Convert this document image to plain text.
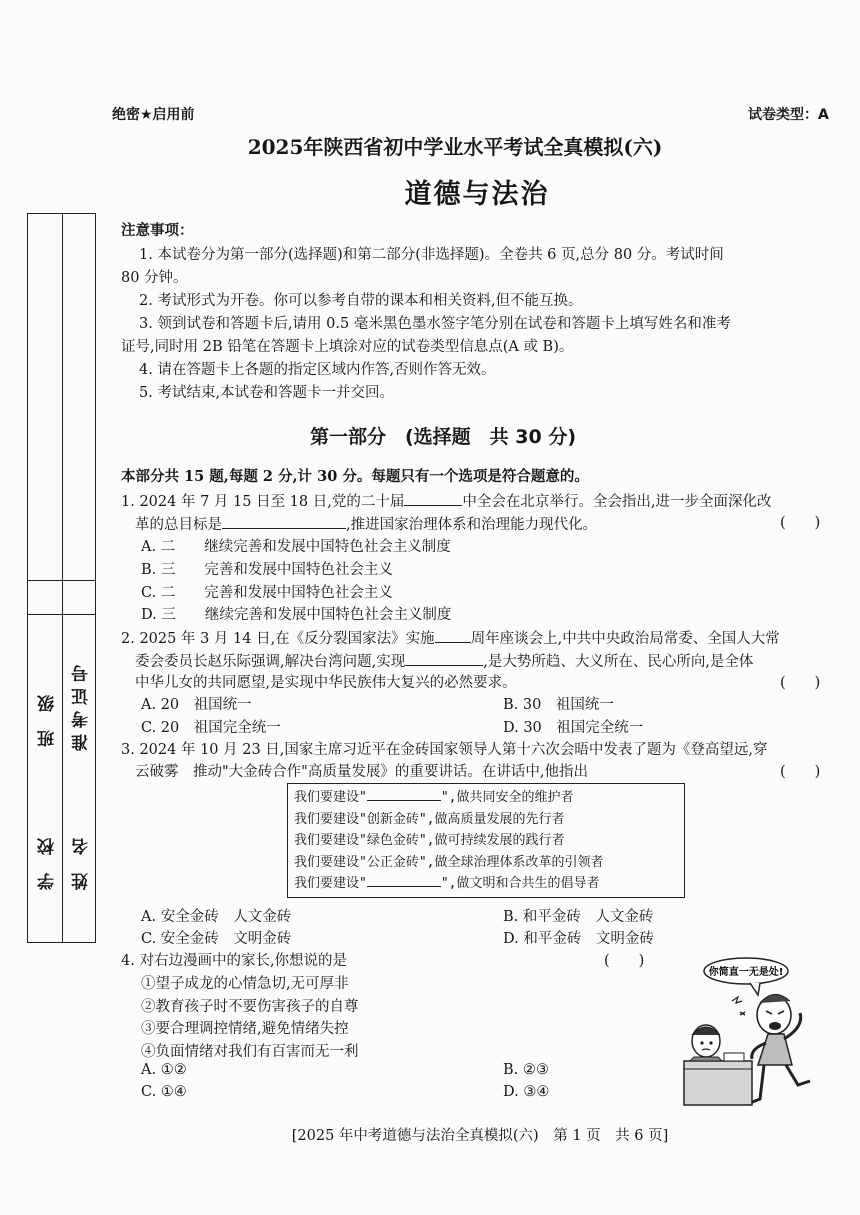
绝密★启用前	试卷类型：A
2025年陕西省初中学业水平考试全真模拟(六)
道德与法治
班 级 准考证号
学 校 姓 名
注意事项：
1. 本试卷分为第一部分(选择题)和第二部分(非选择题)。全卷共 6 页,总分 80 分。考试时间
80 分钟。
2. 考试形式为开卷。你可以参考自带的课本和相关资料,但不能互换。
3. 领到试卷和答题卡后,请用 0.5 毫米黑色墨水签字笔分别在试卷和答题卡上填写姓名和准考
证号,同时用 2B 铅笔在答题卡上填涂对应的试卷类型信息点(A 或 B)。
4. 请在答题卡上各题的指定区域内作答,否则作答无效。
5. 考试结束,本试卷和答题卡一并交回。
第一部分　(选择题　共 30 分)
本部分共 15 题,每题 2 分,计 30 分。每题只有一个选项是符合题意的。
1. 2024 年 7 月 15 日至 18 日,党的二十届	中全会在北京举行。全会指出,进一步全面深化改
革的总目标是	,推进国家治理体系和治理能力现代化。	(　　)
A. 二　　继续完善和发展中国特色社会主义制度
B. 三　　完善和发展中国特色社会主义
C. 二　　完善和发展中国特色社会主义
D. 三　　继续完善和发展中国特色社会主义制度
2. 2025 年 3 月 14 日,在《反分裂国家法》实施 周年座谈会上,中共中央政治局常委、全国人大常
委会委员长赵乐际强调,解决台湾问题,实现	,是大势所趋、大义所在、民心所向,是全体
中华儿女的共同愿望,是实现中华民族伟大复兴的必然要求。	(　　)
A. 20　祖国统一	B. 30　祖国统一
C. 20　祖国完全统一	D. 30　祖国完全统一
3. 2024 年 10 月 23 日,国家主席习近平在金砖国家领导人第十六次会晤中发表了题为《登高望远,穿
云破雾　推动"大金砖合作"高质量发展》的重要讲话。在讲话中,他指出	(　　)
我们要建设"	",做共同安全的维护者
我们要建设"创新金砖",做高质量发展的先行者
我们要建设"绿色金砖",做可持续发展的践行者
我们要建设"公正金砖",做全球治理体系改革的引领者
我们要建设"	",做文明和合共生的倡导者
A. 安全金砖　人文金砖	B. 和平金砖　人文金砖
C. 安全金砖　文明金砖	D. 和平金砖　文明金砖
4. 对右边漫画中的家长,你想说的是	(　　)
①望子成龙的心情急切,无可厚非
②教育孩子时不要伤害孩子的自尊
③要合理调控情绪,避免情绪失控
④负面情绪对我们有百害而无一利
A. ①②	B. ②③
C. ①④	D. ③④
你简直一无是处!
[2025 年中考道德与法治全真模拟(六)　第 1 页　共 6 页]
